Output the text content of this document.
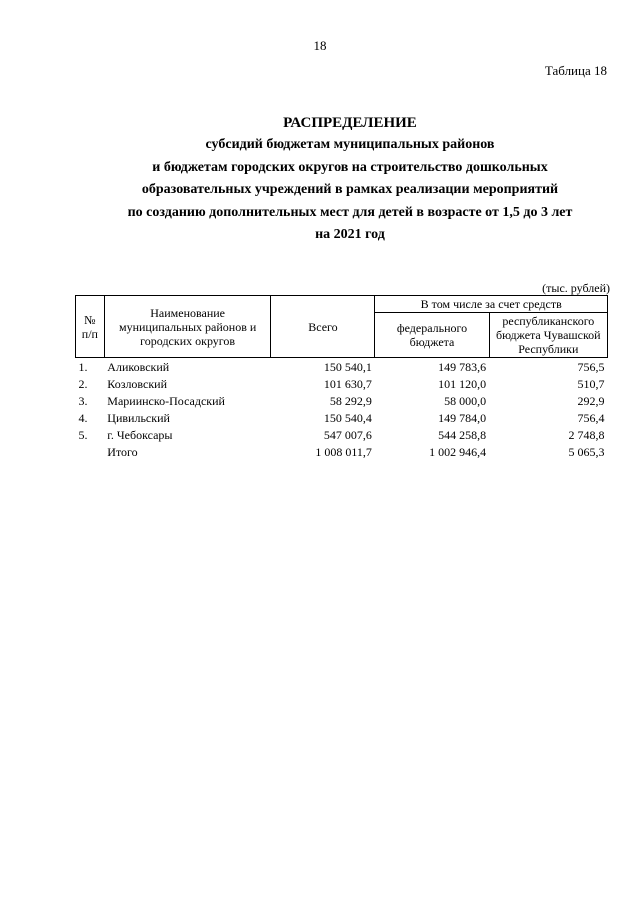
18
Таблица 18
РАСПРЕДЕЛЕНИЕ
субсидий бюджетам муниципальных районов
и бюджетам городских округов на строительство дошкольных
образовательных учреждений в рамках реализации мероприятий
по созданию дополнительных мест для детей в возрасте от 1,5 до 3 лет
на 2021 год
(тыс. рублей)
№ п/п	Наименование муниципальных районов и городских округов	Всего	В том числе за счет средств	
			федерального бюджета	республиканского бюджета Чувашской Республики
1.	Аликовский	150 540,1	149 783,6	756,5
2.	Козловский	101 630,7	101 120,0	510,7
3.	Мариинско-Посадский	58 292,9	58 000,0	292,9
4.	Цивильский	150 540,4	149 784,0	756,4
5.	г. Чебоксары	547 007,6	544 258,8	2 748,8
	Итого	1 008 011,7	1 002 946,4	5 065,3
